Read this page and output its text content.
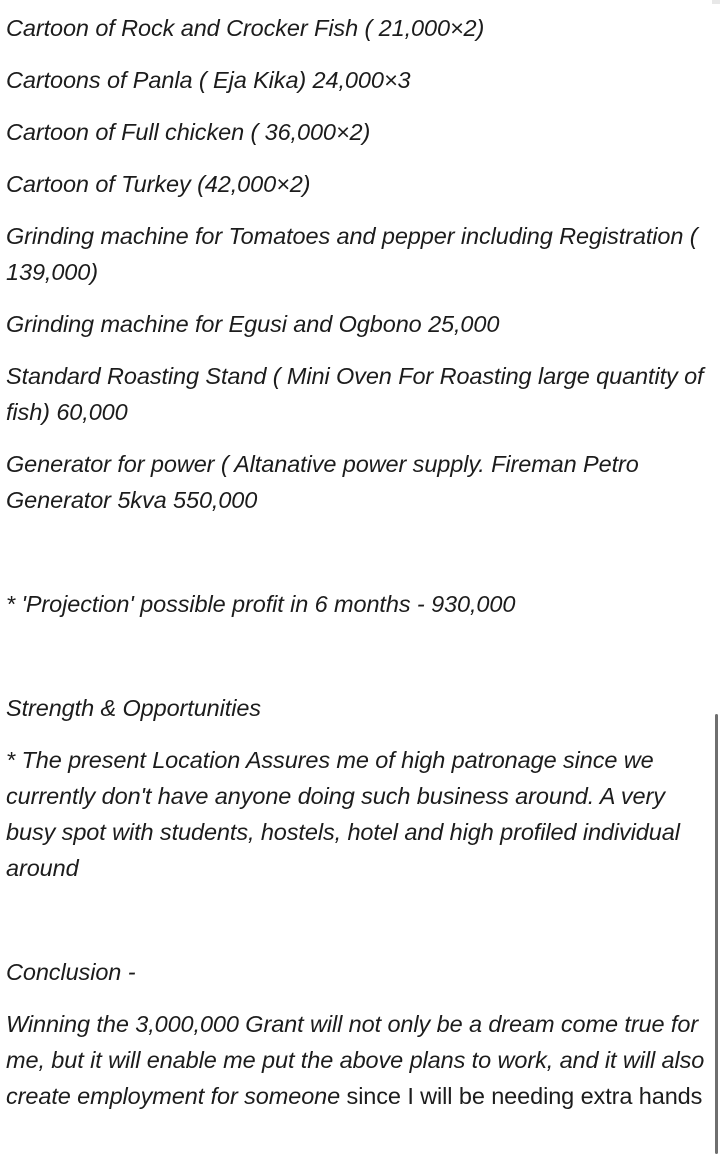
Cartoon of Rock and Crocker Fish ( 21,000×2)

Cartoons of Panla ( Eja Kika) 24,000×3

Cartoon of Full chicken ( 36,000×2)

Cartoon of Turkey (42,000×2)

Grinding machine for Tomatoes and pepper including Registration ( 139,000)

Grinding machine for Egusi and Ogbono 25,000

Standard Roasting Stand ( Mini Oven For Roasting large quantity of fish) 60,000

Generator for power ( Altanative power supply. Fireman Petro Generator 5kva 550,000

* 'Projection' possible profit in 6 months - 930,000

Strength & Opportunities

* The present Location Assures me of high patronage since we currently don't have anyone doing such business around. A very busy spot with students, hostels, hotel and high profiled individual around

Conclusion -

Winning the 3,000,000 Grant will not only be a dream come true for me, but it will enable me put the above plans to work, and it will also create employment for someone since I will be needing extra hands
